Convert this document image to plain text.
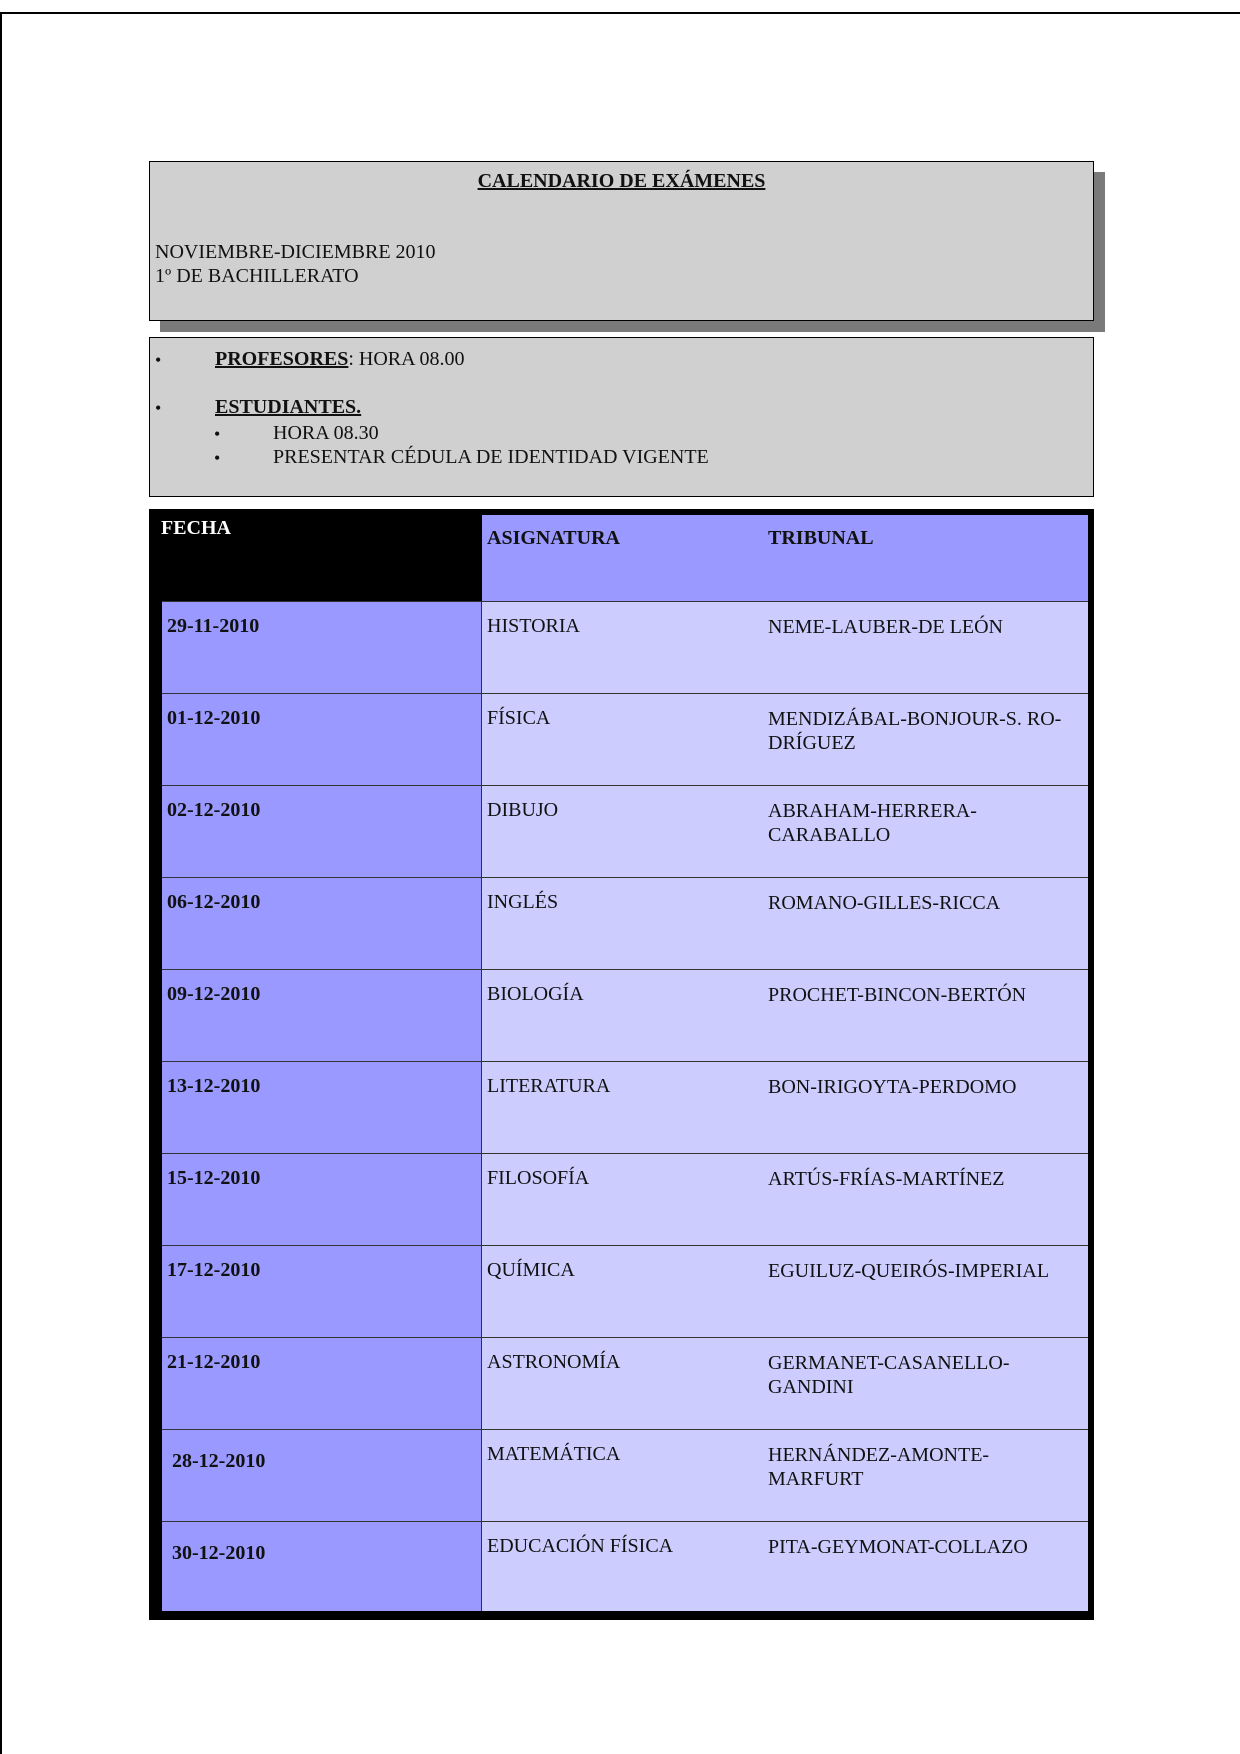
CALENDARIO DE EXÁMENES
NOVIEMBRE-DICIEMBRE 2010
1º DE BACHILLERATO
•	PROFESORES: HORA 08.00
•	ESTUDIANTES.
•	HORA 08.30
•	PRESENTAR CÉDULA DE IDENTIDAD VIGENTE
FECHA	ASIGNATURA	TRIBUNAL
29-11-2010	HISTORIA	NEME-LAUBER-DE LEÓN
01-12-2010	FÍSICA	MENDIZÁBAL-BONJOUR-S. RO-DRÍGUEZ
02-12-2010	DIBUJO	ABRAHAM-HERRERA-CARABALLO
06-12-2010	INGLÉS	ROMANO-GILLES-RICCA
09-12-2010	BIOLOGÍA	PROCHET-BINCON-BERTÓN
13-12-2010	LITERATURA	BON-IRIGOYTA-PERDOMO
15-12-2010	FILOSOFÍA	ARTÚS-FRÍAS-MARTÍNEZ
17-12-2010	QUÍMICA	EGUILUZ-QUEIRÓS-IMPERIAL
21-12-2010	ASTRONOMÍA	GERMANET-CASANELLO-GANDINI
28-12-2010	MATEMÁTICA	HERNÁNDEZ-AMONTE-MARFURT
30-12-2010	EDUCACIÓN FÍSICA	PITA-GEYMONAT-COLLAZO
